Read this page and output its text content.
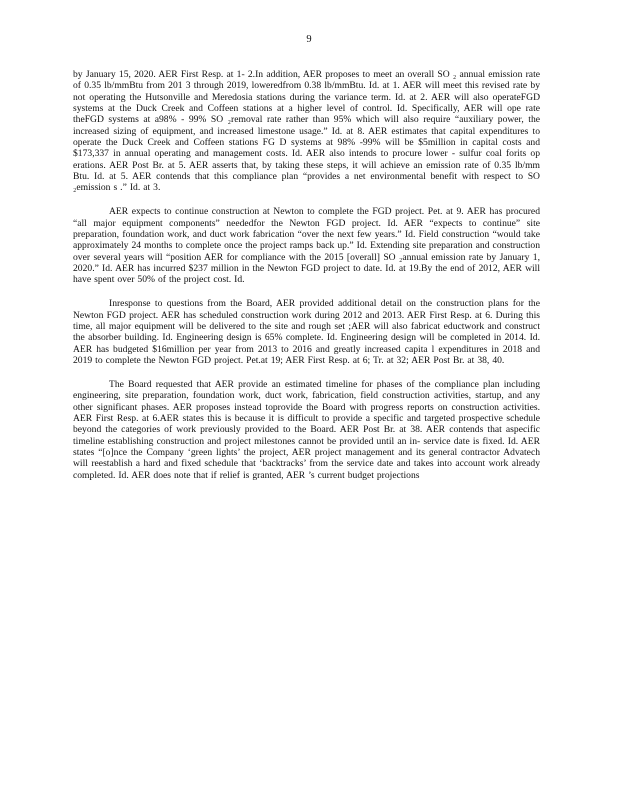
9

by January 15, 2020. AER First Resp. at 1- 2.In addition, AER proposes to meet an overall SO ₂ annual emission rate of 0.35 lb/mmBtu from 201 3 through 2019, loweredfrom 0.38 lb/mmBtu. Id. at 1. AER will meet this revised rate by not operating the Hutsonville and Meredosia stations during the variance term. Id. at 2. AER will also operateFGD systems at the Duck Creek and Coffeen stations at a higher level of control. Id. Specifically, AER will ope rate theFGD systems at a98% - 99% SO ₂removal rate rather than 95% which will also require “auxiliary power, the increased sizing of equipment, and increased limestone usage.” Id. at 8. AER estimates that capital expenditures to operate the Duck Creek and Coffeen stations FG D systems at 98% -99% will be $5million in capital costs and $173,337 in annual operating and management costs. Id. AER also intends to procure lower - sulfur coal forits op erations. AER Post Br. at 5. AER asserts that, by taking these steps, it will achieve an emission rate of 0.35 lb/mm Btu. Id. at 5. AER contends that this compliance plan “provides a net environmental benefit with respect to SO ₂emission s .” Id. at 3.

AER expects to continue construction at Newton to complete the FGD project. Pet. at 9. AER has procured “all major equipment components” neededfor the Newton FGD project. Id. AER “expects to continue” site preparation, foundation work, and duct work fabrication “over the next few years.” Id. Field construction “would take approximately 24 months to complete once the project ramps back up.” Id. Extending site preparation and construction over several years will “position AER for compliance with the 2015 [overall] SO ₂annual emission rate by January 1, 2020.” Id. AER has incurred $237 million in the Newton FGD project to date. Id. at 19.By the end of 2012, AER will have spent over 50% of the project cost. Id.

Inresponse to questions from the Board, AER provided additional detail on the construction plans for the Newton FGD project. AER has scheduled construction work during 2012 and 2013. AER First Resp. at 6. During this time, all major equipment will be delivered to the site and rough set ;AER will also fabricat eductwork and construct the absorber building. Id. Engineering design is 65% complete. Id. Engineering design will be completed in 2014. Id. AER has budgeted $16million per year from 2013 to 2016 and greatly increased capita l expenditures in 2018 and 2019 to complete the Newton FGD project. Pet.at 19; AER First Resp. at 6; Tr. at 32; AER Post Br. at 38, 40.

The Board requested that AER provide an estimated timeline for phases of the compliance plan including engineering, site preparation, foundation work, duct work, fabrication, field construction activities, startup, and any other significant phases. AER proposes instead toprovide the Board with progress reports on construction activities. AER First Resp. at 6.AER states this is because it is difficult to provide a specific and targeted prospective schedule beyond the categories of work previously provided to the Board. AER Post Br. at 38. AER contends that aspecific timeline establishing construction and project milestones cannot be provided until an in- service date is fixed. Id. AER states “[o]nce the Company ‘green lights’ the project, AER project management and its general contractor Advatech will reestablish a hard and fixed schedule that ‘backtracks’ from the service date and takes into account work already completed. Id. AER does note that if relief is granted, AER ’s current budget projections
